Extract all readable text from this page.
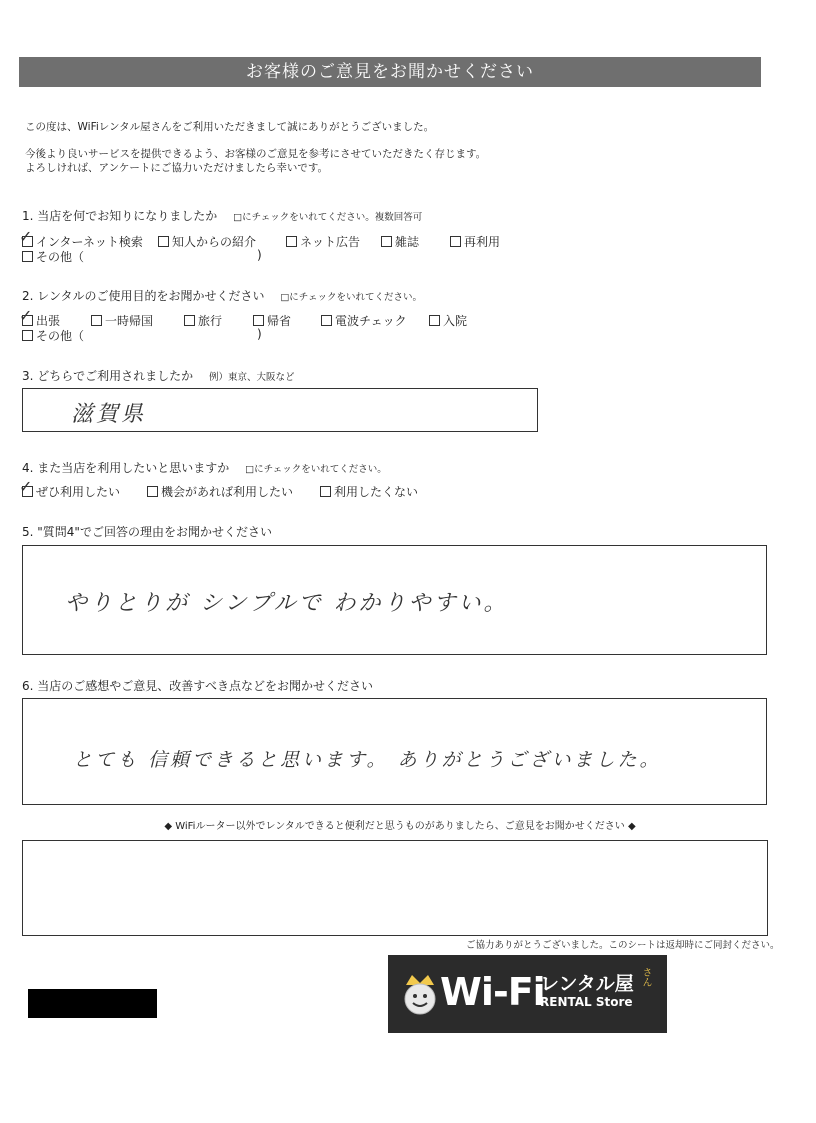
お客様のご意見をお聞かせください
この度は、WiFiレンタル屋さんをご利用いただきまして誠にありがとうございました。
今後より良いサービスを提供できるよう、お客様のご意見を参考にさせていただきたく存じます。
よろしければ、アンケートにご協力いただけましたら幸いです。
1. 当店を何でお知りになりましたか □にチェックをいれてください。複数回答可
✓ インターネット検索 知人からの紹介	ネット広告	雑誌	再利用
その他（	)
2. レンタルのご使用目的をお聞かせください □にチェックをいれてください。
✓ 出張	一時帰国	旅行	帰省	電波チェック	入院
その他（	)
3. どちらでご利用されましたか 例）東京、大阪など
滋賀県
4. また当店を利用したいと思いますか □にチェックをいれてください。
✓ ぜひ利用したい	機会があれば利用したい	利用したくない
5. "質問4"でご回答の理由をお聞かせください
やりとりが シンプルで わかりやすい。
6. 当店のご感想やご意見、改善すべき点などをお聞かせください
とても 信頼できると思います。 ありがとうございました。
◆ WiFiルーター以外でレンタルできると便利だと思うものがありましたら、ご意見をお聞かせください ◆
ご協力ありがとうございました。このシートは返却時にご同封ください。
Wi-Fi
レンタル屋 さん
RENTAL Store
